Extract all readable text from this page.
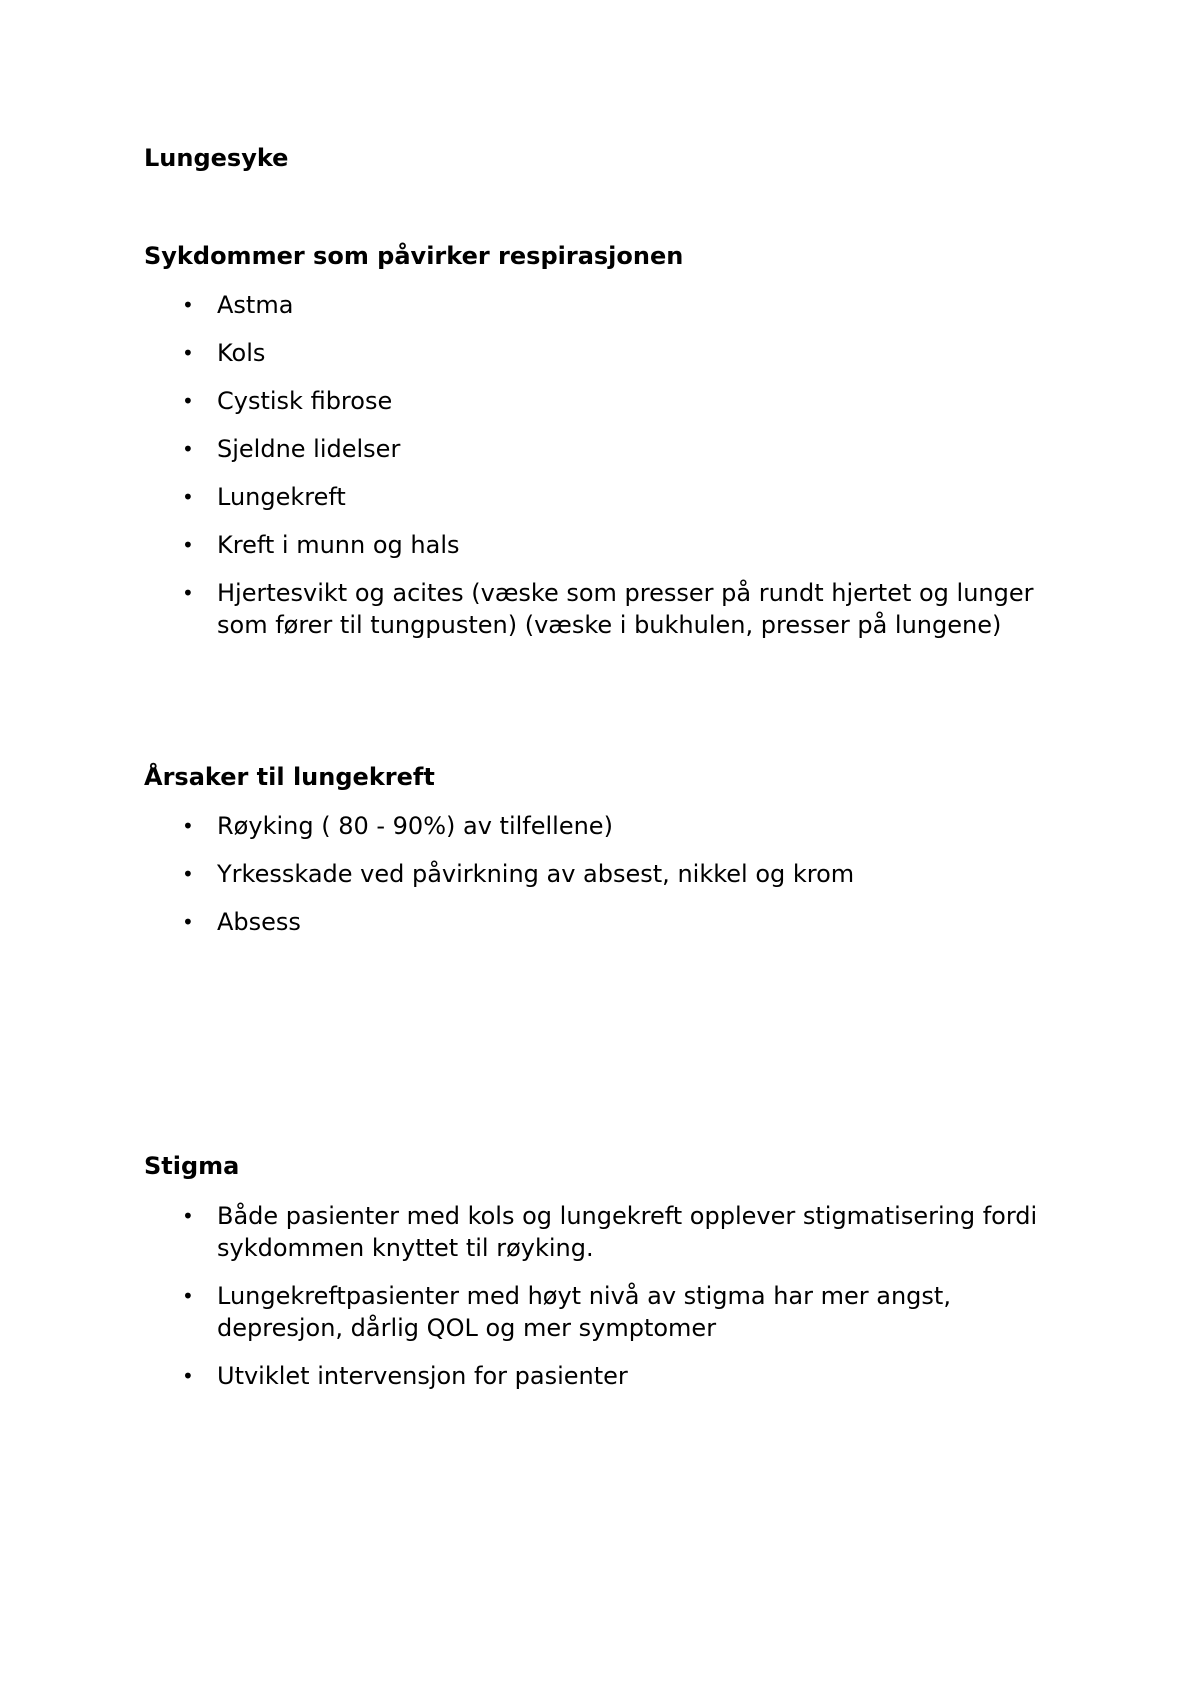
Lungesyke
Sykdommer som påvirker respirasjonen
• Astma
• Kols
• Cystisk fibrose
• Sjeldne lidelser
• Lungekreft
• Kreft i munn og hals
• Hjertesvikt og acites (væske som presser på rundt hjertet og lunger som fører til tungpusten) (væske i bukhulen, presser på lungene)
Årsaker til lungekreft
• Røyking ( 80 - 90%) av tilfellene)
• Yrkesskade ved påvirkning av absest, nikkel og krom
• Absess
Stigma
• Både pasienter med kols og lungekreft opplever stigmatisering fordi sykdommen knyttet til røyking.
• Lungekreftpasienter med høyt nivå av stigma har mer angst, depresjon, dårlig QOL og mer symptomer
• Utviklet intervensjon for pasienter
